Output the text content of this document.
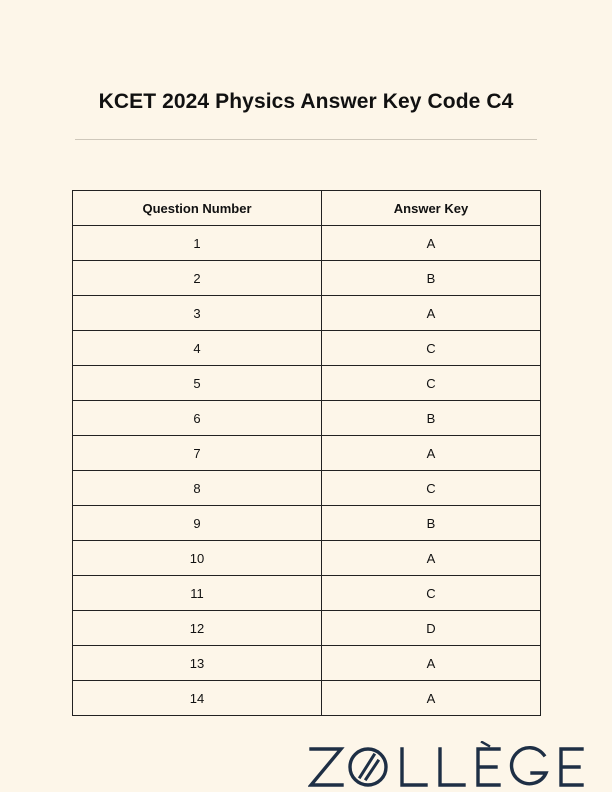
KCET 2024 Physics Answer Key Code C4
Question Number	Answer Key
1	A
2	B
3	A
4	C
5	C
6	B
7	A
8	C
9	B
10	A
11	C
12	D
13	A
14	A
